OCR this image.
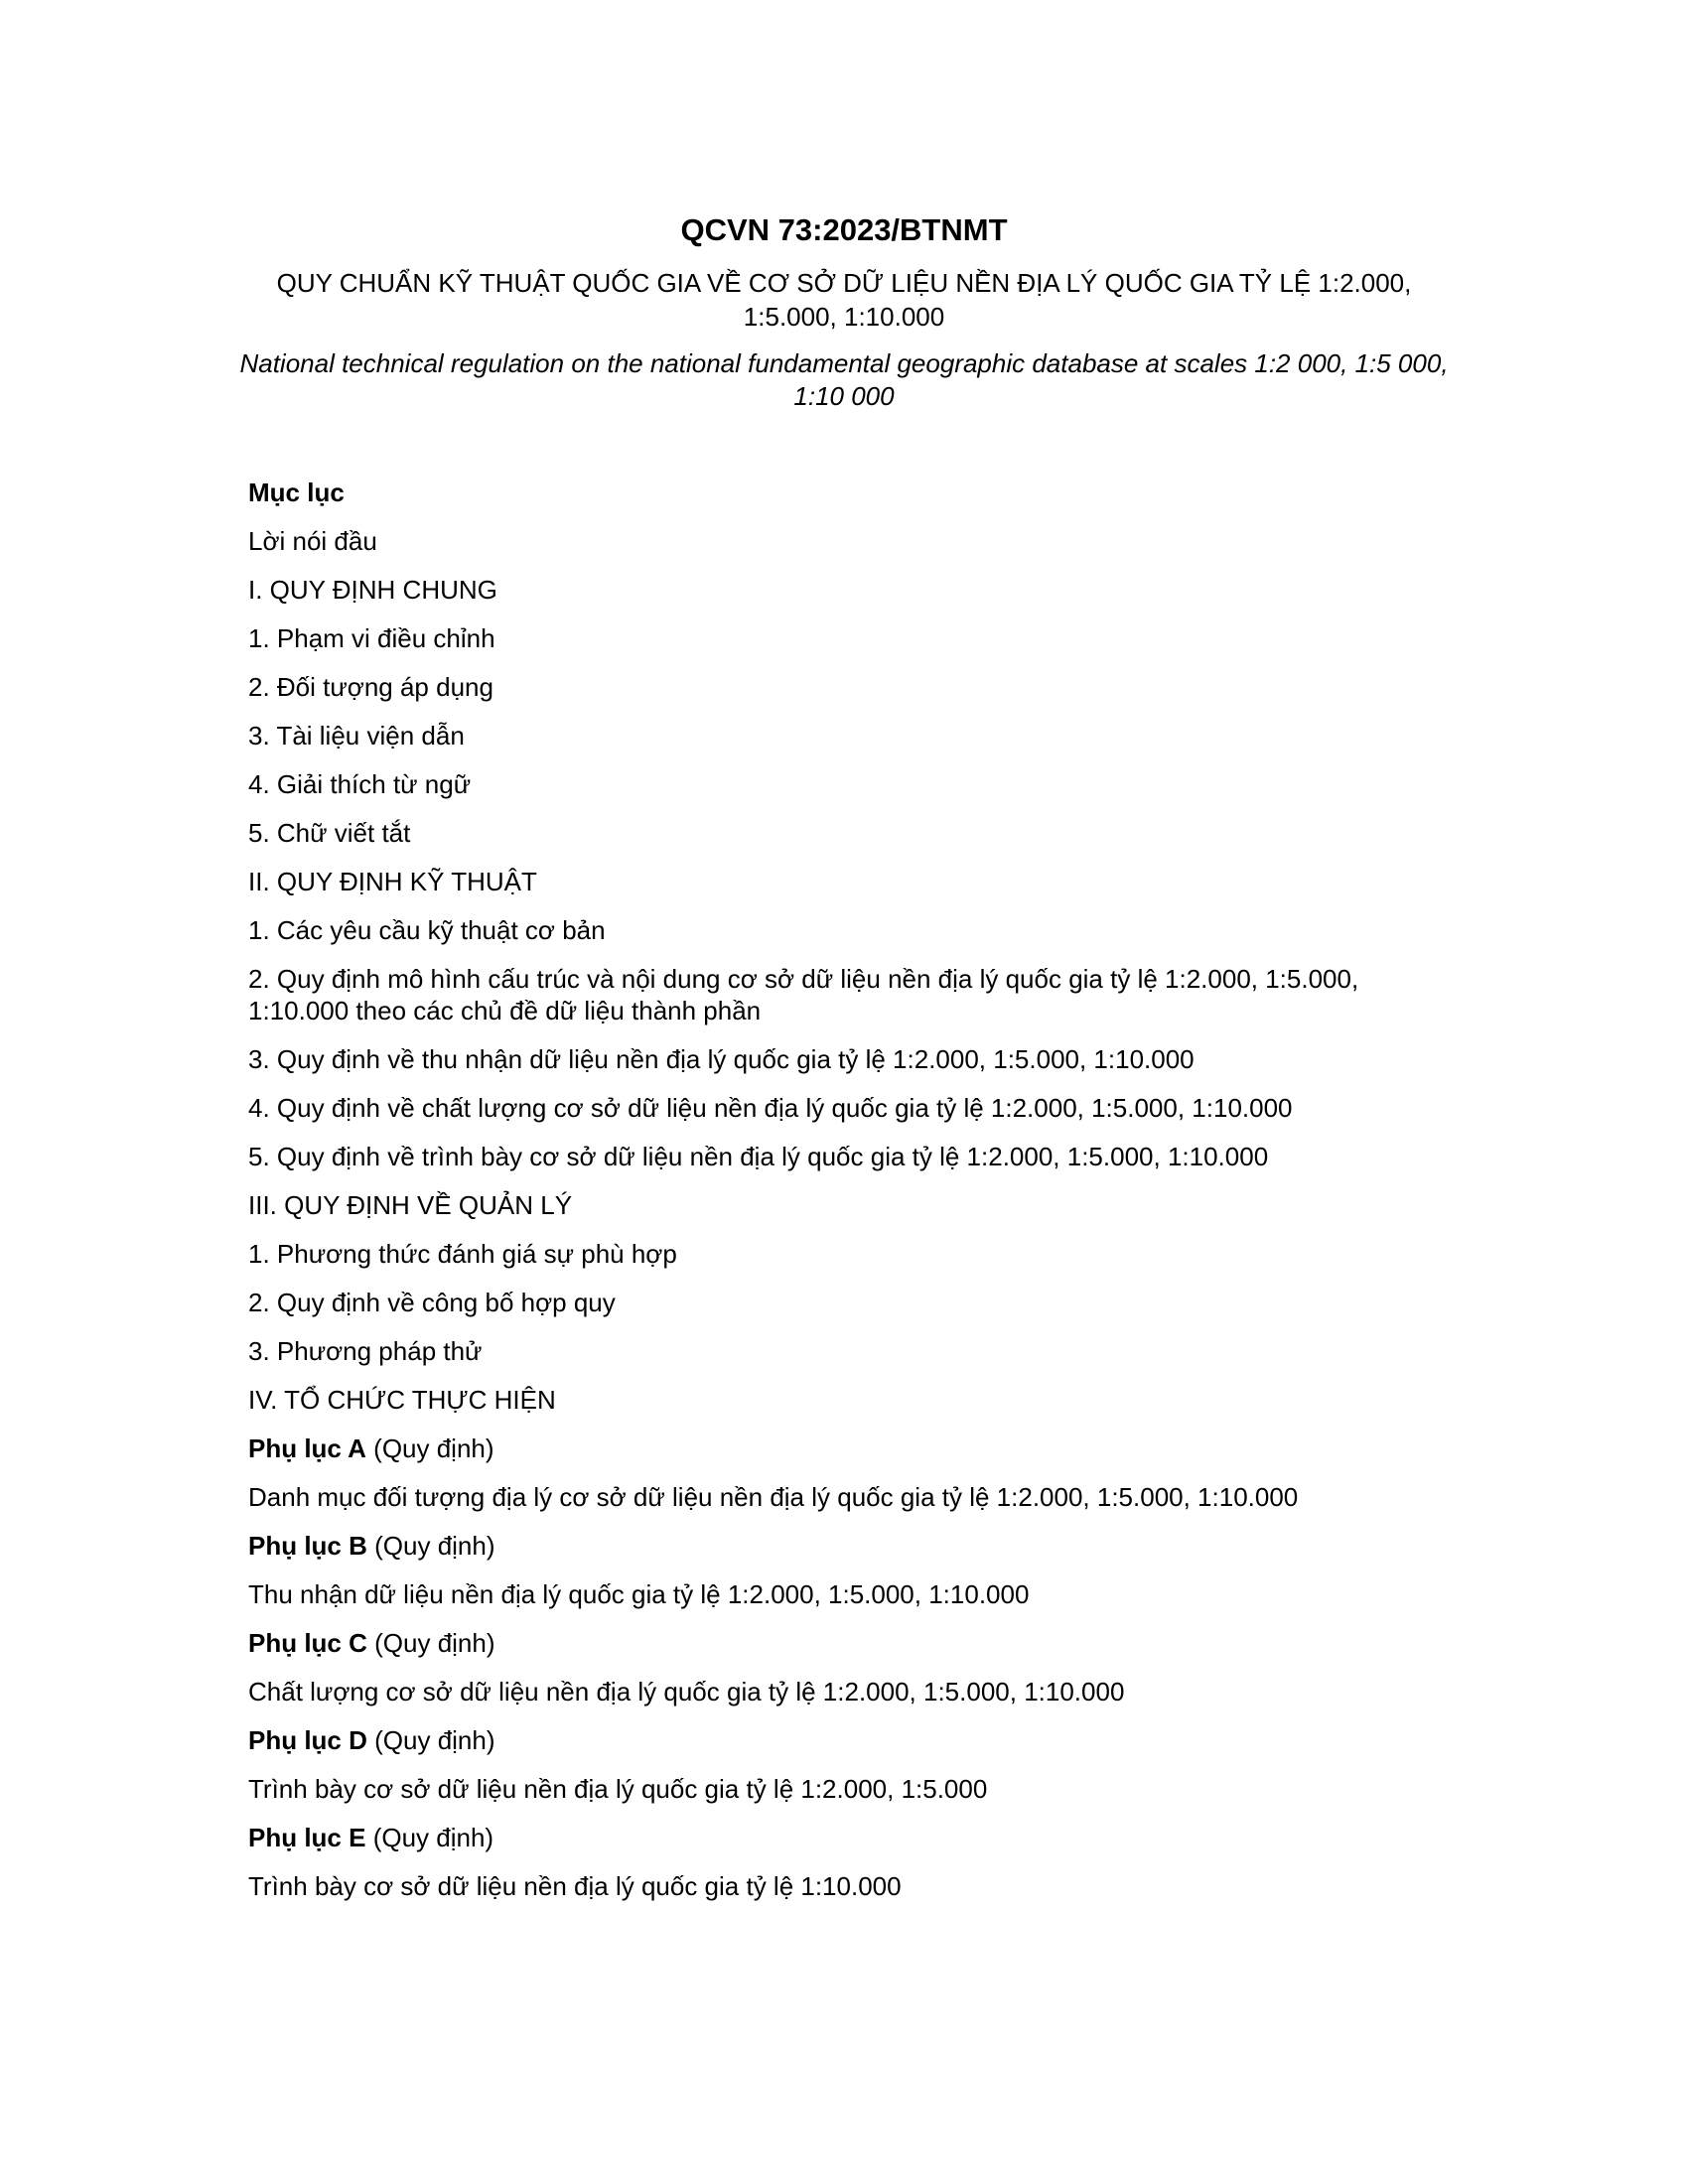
QCVN 73:2023/BTNMT
QUY CHUẨN KỸ THUẬT QUỐC GIA VỀ CƠ SỞ DỮ LIỆU NỀN ĐỊA LÝ QUỐC GIA TỶ LỆ 1:2.000, 1:5.000, 1:10.000
National technical regulation on the national fundamental geographic database at scales 1:2 000, 1:5 000, 1:10 000
Mục lục
Lời nói đầu
I. QUY ĐỊNH CHUNG
1. Phạm vi điều chỉnh
2. Đối tượng áp dụng
3. Tài liệu viện dẫn
4. Giải thích từ ngữ
5. Chữ viết tắt
II. QUY ĐỊNH KỸ THUẬT
1. Các yêu cầu kỹ thuật cơ bản
2. Quy định mô hình cấu trúc và nội dung cơ sở dữ liệu nền địa lý quốc gia tỷ lệ 1:2.000, 1:5.000, 1:10.000 theo các chủ đề dữ liệu thành phần
3. Quy định về thu nhận dữ liệu nền địa lý quốc gia tỷ lệ 1:2.000, 1:5.000, 1:10.000
4. Quy định về chất lượng cơ sở dữ liệu nền địa lý quốc gia tỷ lệ 1:2.000, 1:5.000, 1:10.000
5. Quy định về trình bày cơ sở dữ liệu nền địa lý quốc gia tỷ lệ 1:2.000, 1:5.000, 1:10.000
III. QUY ĐỊNH VỀ QUẢN LÝ
1. Phương thức đánh giá sự phù hợp
2. Quy định về công bố hợp quy
3. Phương pháp thử
IV. TỔ CHỨC THỰC HIỆN
Phụ lục A (Quy định)
Danh mục đối tượng địa lý cơ sở dữ liệu nền địa lý quốc gia tỷ lệ 1:2.000, 1:5.000, 1:10.000
Phụ lục B (Quy định)
Thu nhận dữ liệu nền địa lý quốc gia tỷ lệ 1:2.000, 1:5.000, 1:10.000
Phụ lục C (Quy định)
Chất lượng cơ sở dữ liệu nền địa lý quốc gia tỷ lệ 1:2.000, 1:5.000, 1:10.000
Phụ lục D (Quy định)
Trình bày cơ sở dữ liệu nền địa lý quốc gia tỷ lệ 1:2.000, 1:5.000
Phụ lục E (Quy định)
Trình bày cơ sở dữ liệu nền địa lý quốc gia tỷ lệ 1:10.000
